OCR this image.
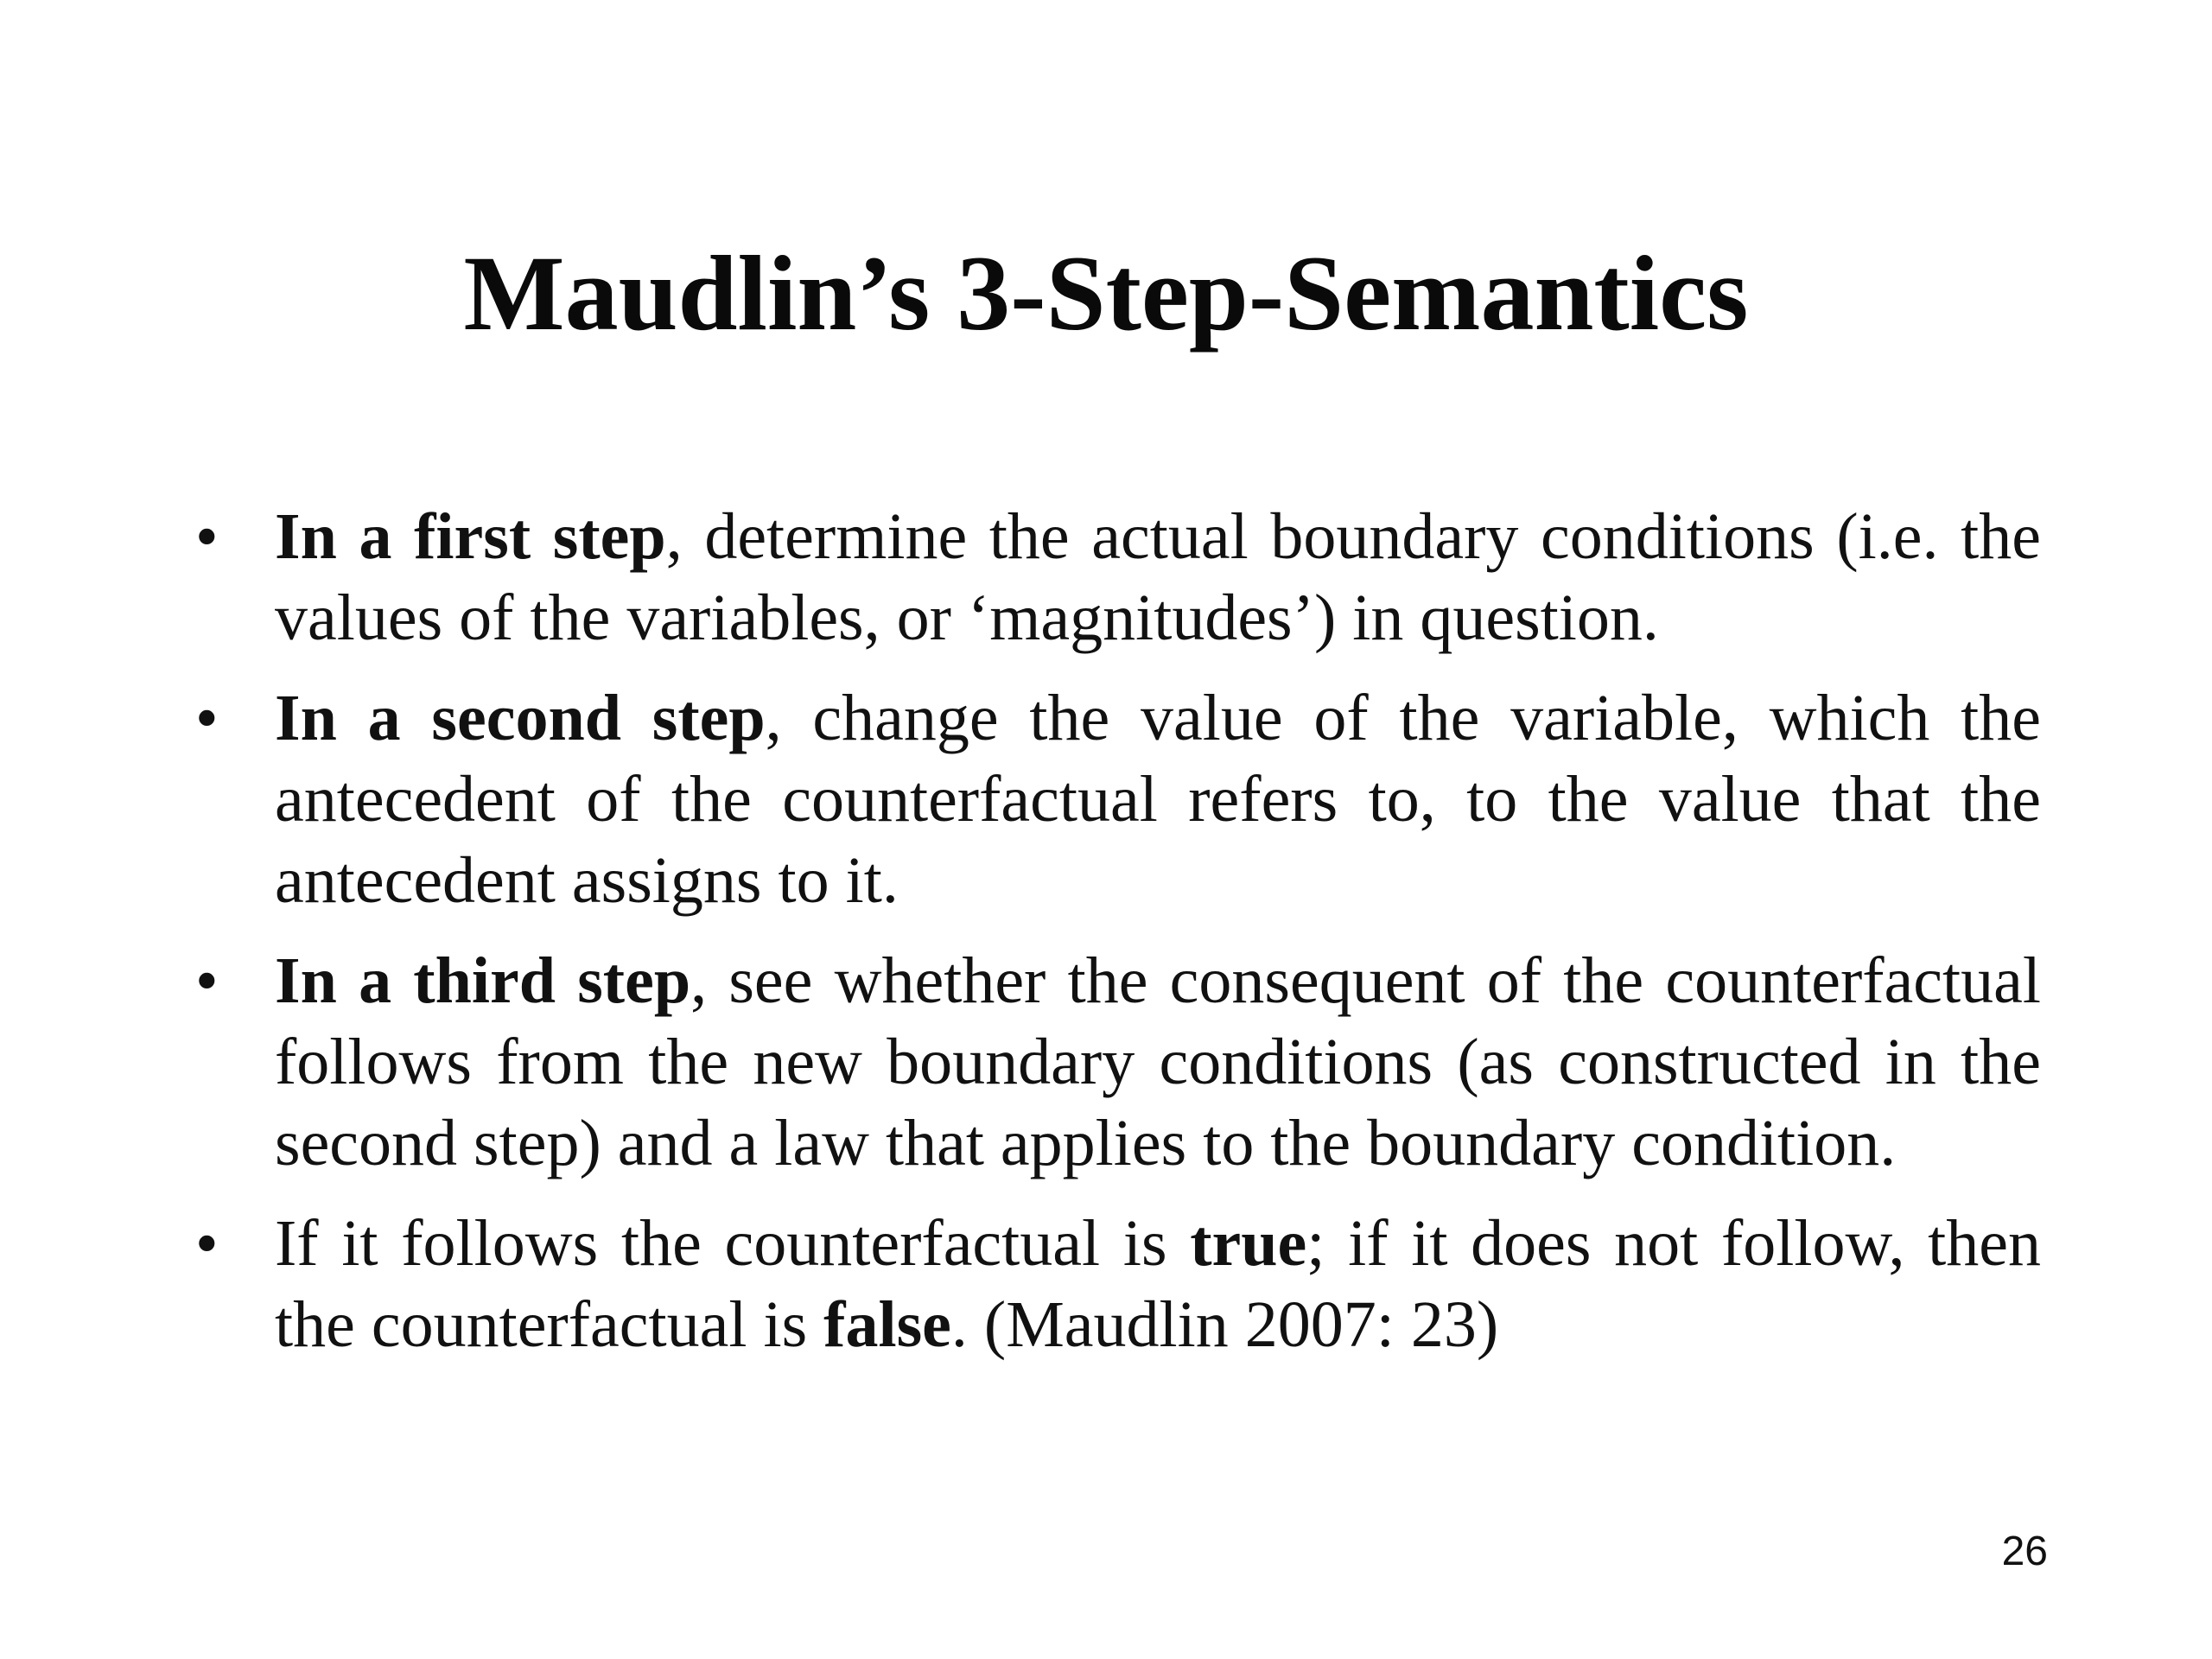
Maudlin’s 3-Step-Semantics
• In a first step, determine the actual boundary conditions (i.e. the values of the variables, or ‘magnitudes’) in question.
• In a second step, change the value of the variable, which the antecedent of the counterfactual refers to, to the value that the antecedent assigns to it.
• In a third step, see whether the consequent of the counterfactual follows from the new boundary conditions (as constructed in the second step) and a law that applies to the boundary condition.
• If it follows the counterfactual is true; if it does not follow, then the counterfactual is false. (Maudlin 2007: 23)
26
